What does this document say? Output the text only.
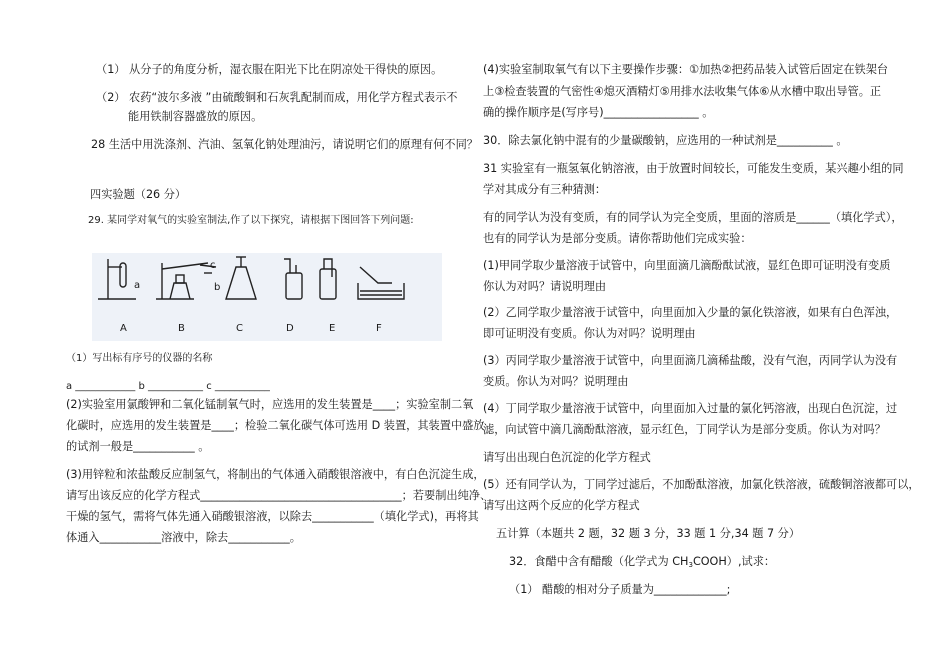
（1） 从分子的角度分析，湿衣服在阳光下比在阴凉处干得快的原因。
（2） 农药“波尔多液 ”由硫酸铜和石灰乳配制而成，用化学方程式表示不
能用铁制容器盛放的原因。
28 生活中用洗涤剂、汽油、氢氧化钠处理油污，请说明它们的原理有何不同？
四实验题（26 分）
29. 某同学对氧气的实验室制法,作了以下探究，请根据下图回答下列问题:
a	b
c
A	B	C	D	E	F
（1）写出标有序号的仪器的名称
a ____________ b ___________ c ___________
(2)实验室用氯酸钾和二氧化锰制氧气时，应选用的发生装置是____；实验室制二氧
化碳时，应选用的发生装置是____；检验二氧化碳气体可选用 D 装置，其装置中盛放
的试剂一般是___________ 。
(3)用锌粒和浓盐酸反应制氢气，将制出的气体通入硝酸银溶液中，有白色沉淀生成，
请写出该反应的化学方程式____________________________________；若要制出纯净、
干燥的氢气，需将气体先通入硝酸银溶液，以除去___________（填化学式)，再将其
体通入___________溶液中，除去___________。
(4)实验室制取氧气有以下主要操作步骤：①加热②把药品装入试管后固定在铁架台
上③检查装置的气密性④熄灭酒精灯⑤用排水法收集气体⑥从水槽中取出导管。正
确的操作顺序是(写序号)_________________ 。
30．除去氯化钠中混有的少量碳酸钠，应选用的一种试剂是__________ 。
31 实验室有一瓶氢氧化钠溶液，由于放置时间较长，可能发生变质，某兴趣小组的同
学对其成分有三种猜测：
有的同学认为没有变质，有的同学认为完全变质，里面的溶质是______（填化学式），
也有的同学认为是部分变质。请你帮助他们完成实验：
(1)甲同学取少量溶液于试管中，向里面滴几滴酚酞试液，显红色即可证明没有变质
你认为对吗？请说明理由
(2）乙同学取少量溶液于试管中，向里面加入少量的氯化铁溶液，如果有白色浑浊，
即可证明没有变质。你认为对吗？说明理由
(3）丙同学取少量溶液于试管中，向里面滴几滴稀盐酸，没有气泡，丙同学认为没有
变质。你认为对吗？说明理由
(4）丁同学取少量溶液于试管中，向里面加入过量的氯化钙溶液，出现白色沉淀，过
滤，向试管中滴几滴酚酞溶液，显示红色，丁同学认为是部分变质。你认为对吗？
请写出出现白色沉淀的化学方程式
(5）还有同学认为，丁同学过滤后，不加酚酞溶液，加氯化铁溶液，硫酸铜溶液都可以，
请写出这两个反应的化学方程式
五计算（本题共 2 题，32 题 3 分，33 题 1 分,34 题 7 分）
32．食醋中含有醋酸（化学式为 $CH_3COOH$）,试求：
（1） 醋酸的相对分子质量为_____________;
